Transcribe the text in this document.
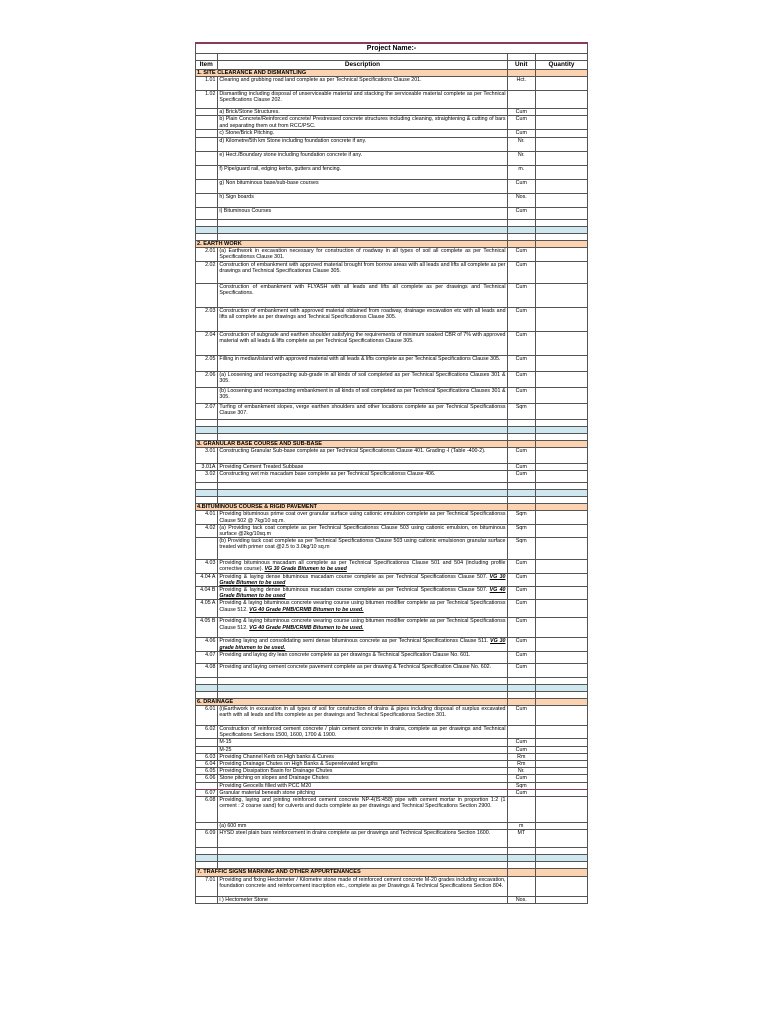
Project Name:-			

Item	Description	Unit	Quantity
1. SITE CLEARANCE AND DISMANTLING			
1.01	Clearing and grubbing road land complete as per Technical Specifications Clause 201.	Hct.	
1.02	Dismantling including disposal of unserviceable material and stacking the serviceable material complete as per Technical Specifications Clause 202.		
	a) Brick/Stone Structures.	Cum	
	b) Plain Concrete/Reinforced concrete/ Prestressed concrete structures including cleaning, straightening & cutting of bars and separating them out from RCC/PSC.	Cum	
	c) Stone/Brick Pitching.	Cum	
	d) Kilometre/5th km Stone including foundation concrete if any.	Nr.	
	e) Hect./Boundary stone including foundation concrete if any.	Nr.	
	f) Pipe/guard rail, edging kerbs, gutters and fencing.	m.	
	g) Non bituminous base/sub-base courses	Cum	
	h) Sign boards	Nos.	
	i) Bituminous Courses	Cum	

2. EARTH WORK			
2.01	(a) Earthwork in excavation necessary for construction of roadway in all types of soil all complete as per Technical Specificationss Clause 301.	Cum	
2.02	Construction of embankment with approved material brought from borrow areas with all leads and lifts all complete as per drawings and Technical Specificationss Clause 305.	Cum	
	Construction of embankment with FLYASH with all leads and lifts all complete as per drawings and Technical Specifications.	Cum	
2.03	Construction of embankment with approved material obtained from roadway, drainage excavation etc with all leads and lifts all complete as per drawings and Technical Specificationss Clause 305.	Cum	
2.04	Construction of subgrade and earthen shoulder satisfying the requirements of minimum soaked CBR of 7% with approved material with all leads & lifts complete as per Technical Specificationss Clause 305.	Cum	
2.05	Filling in median/island with approved material with all leads & lifts complete as per Technical Specifications Clause 305.	Cum	
2.06	(a) Loosening and recompacting sub-grade in all kinds of soil completed as per Technical Specifications Clauses 301 & 305.	Cum	
	(b) Loosening and recompacting embankment in all kinds of soil completed as per Technical Specifications Clauses 301 & 305.	Cum	
2.07	Turfing of embankment slopes, verge earthen shoulders and other locations complete as per Technical Specificationss Clause 307.	Sqm	

3. GRANULAR BASE COURSE AND SUB-BASE			
3.01	Constructing Granular Sub-base complete as per Technical Specificationss Clause 401. Grading -I (Table -400-2).	Cum	
3.01A	Providing Cement Treated Subbase	Cum	
3.02	Constructing wet mix macadam base complete as per Technical Specificationss Clause 406.	Cum	

4.BITUMINOUS COURSE & RIGID PAVEMENT			
4.01	Providing bituminous prime coat over granular surface using cationic emulsion complete as per Technical Specificationss Clause 502 @ 7kg/10 sq.m.	Sqm	
4.02	(a) Providing tack coat complete as per Technical Specificationss Clause 503 using cationic emulsion, on bituminous surface @2kg/10sq.m	Sqm	
	(b) Providing tack coat complete as per Technical Specificationss Clause 503 using cationic emulsionon granular surface treated with primer coat @2.5 to 3.0kg/10 sq.m	Sqm	
4.03	Providing bituminous macadam all complete as per Technical Specificationss Clause 501 and 504 (including profile corrective course). VG 30 Grade Bitumen to be used	Cum	
4.04 A	Providing & laying dense bituminous macadam course complete as per Technical Specificationss Clause 507. VG 30 Grade Bitumen to be used	Cum	
4.04 B	Providing & laying dense bituminous macadam course complete as per Technical Specificationss Clause 507. VG 40 Grade Bitumen to be used	Cum	
4.05 A	Providing & laying bituminous concrete wearing course using bitumen modifier complete as per Technical Specificationss Clause 512. VG 40 Grade PMB/CRMB Bitumen to be used.	Cum	
4.05 B	Providing & laying bituminous concrete wearing course using bitumen modifier complete as per Technical Specificationss Clause 512. VG 40 Grade PMB/CRMB Bitumen to be used.	Cum	
4.06	Providing laying and consolidating semi dense bituminous concrete as per Technical Specificationss Clause 511. VG 30 grade bitumen to be used.	Cum	
4.07	Providing and laying dry lean concrete complete as per drawings & Technical Specification Clause No. 601.	Cum	
4.08	Providing and laying cement concrete pavement complete as per drawing & Technical Specification Clause No. 602.	Cum	

6. DRAINAGE			
6.01	(i)Earthwork in excavation in all types of soil for construction of drains & pipes including disposal of surplus excavated earth with all leads and lifts complete as per drawings and Technical Specificationss Section 301.	Cum	
6.02	Construction of reinforced cement concrete / plain cement concrete in drains, complete as per drawings and Technical Specifications Sections 1500, 1600, 1700 & 1900.		
	M-15	Cum	
	M-25	Cum	
6.03	Providing Channel Kerb on High banks & Curves	Rm	
6.04	Providing Drainage Chutes on High Banks & Superelevated lengths	Rm	
6.05	Providing Dissipation Basin for Drainage Chutes	Nr.	
6.06	Stone pitching on slopes and Drainage Chutes	Cum	
	Providing Geocells filled with PCC M20	Sqm	
6.07	Granular material beneath stone pitching	Cum	
6.08	Providing, laying and jointing reinforced cement concrete NP-4(IS:458) pipe with cement mortar in proportion 1:2 (1 cement : 2 coarse sand) for culverts and ducts complete as per drawings and Technical Specifications Section 2900.		
	(a) 600 mm	m	
6.09	HYSD steel plain bars reinforcement in drains complete as per drawings and Technical Specifications Section 1600.	MT	

7. TRAFFIC SIGNS MARKING AND OTHER APPURTENANCES			
7.01	Providing and fixing Hectometer / Kilometre stone made of reinforced cement concrete M-20 grades including excavation, foundation concrete and reinforcement inscription etc., complete as per Drawings & Technical Specifications Section 804.		
	i ) Hectometer Stone	Nos.	
